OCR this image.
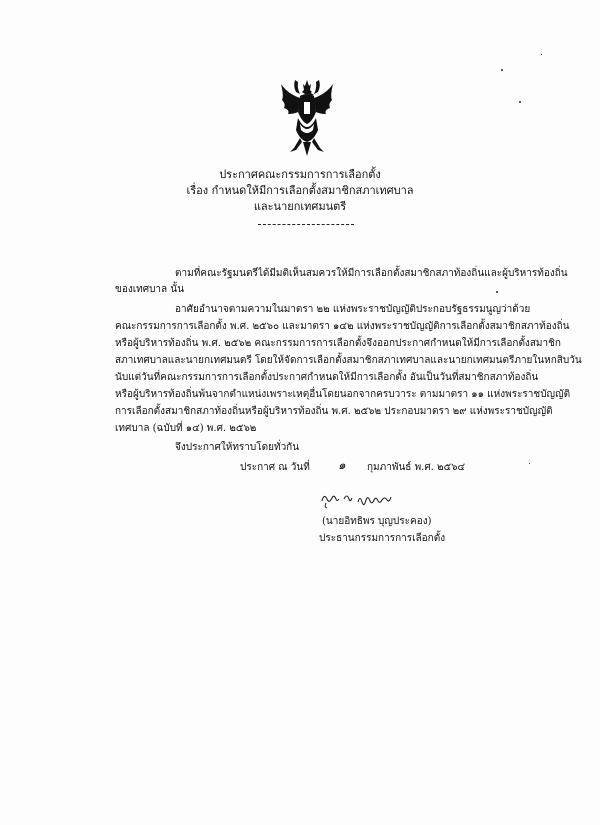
ประกาศคณะกรรมการการเลือกตั้ง
เรื่อง กำหนดให้มีการเลือกตั้งสมาชิกสภาเทศบาล
และนายกเทศมนตรี
ตามที่คณะรัฐมนตรีได้มีมติเห็นสมควรให้มีการเลือกตั้งสมาชิกสภาท้องถิ่นและผู้บริหารท้องถิ่น
ของเทศบาล นั้น
อาศัยอำนาจตามความในมาตรา ๒๒ แห่งพระราชบัญญัติประกอบรัฐธรรมนูญว่าด้วย
คณะกรรมการการเลือกตั้ง พ.ศ. ๒๕๖๐ และมาตรา ๑๔๒ แห่งพระราชบัญญัติการเลือกตั้งสมาชิกสภาท้องถิ่น
หรือผู้บริหารท้องถิ่น พ.ศ. ๒๕๖๒ คณะกรรมการการเลือกตั้งจึงออกประกาศกำหนดให้มีการเลือกตั้งสมาชิก
สภาเทศบาลและนายกเทศมนตรี โดยให้จัดการเลือกตั้งสมาชิกสภาเทศบาลและนายกเทศมนตรีภายในหกสิบวัน
นับแต่วันที่คณะกรรมการการเลือกตั้งประกาศกำหนดให้มีการเลือกตั้ง อันเป็นวันที่สมาชิกสภาท้องถิ่น
หรือผู้บริหารท้องถิ่นพ้นจากตำแหน่งเพราะเหตุอื่นโดยนอกจากครบวาระ ตามมาตรา ๑๑ แห่งพระราชบัญญัติ
การเลือกตั้งสมาชิกสภาท้องถิ่นหรือผู้บริหารท้องถิ่น พ.ศ. ๒๕๖๒ ประกอบมาตรา ๒๙ แห่งพระราชบัญญัติ
เทศบาล (ฉบับที่ ๑๔) พ.ศ. ๒๕๖๒
จึงประกาศให้ทราบโดยทั่วกัน
ประกาศ ณ วันที่ ๑ กุมภาพันธ์ พ.ศ. ๒๕๖๔
(นายอิทธิพร บุญประคอง)
ประธานกรรมการการเลือกตั้ง
